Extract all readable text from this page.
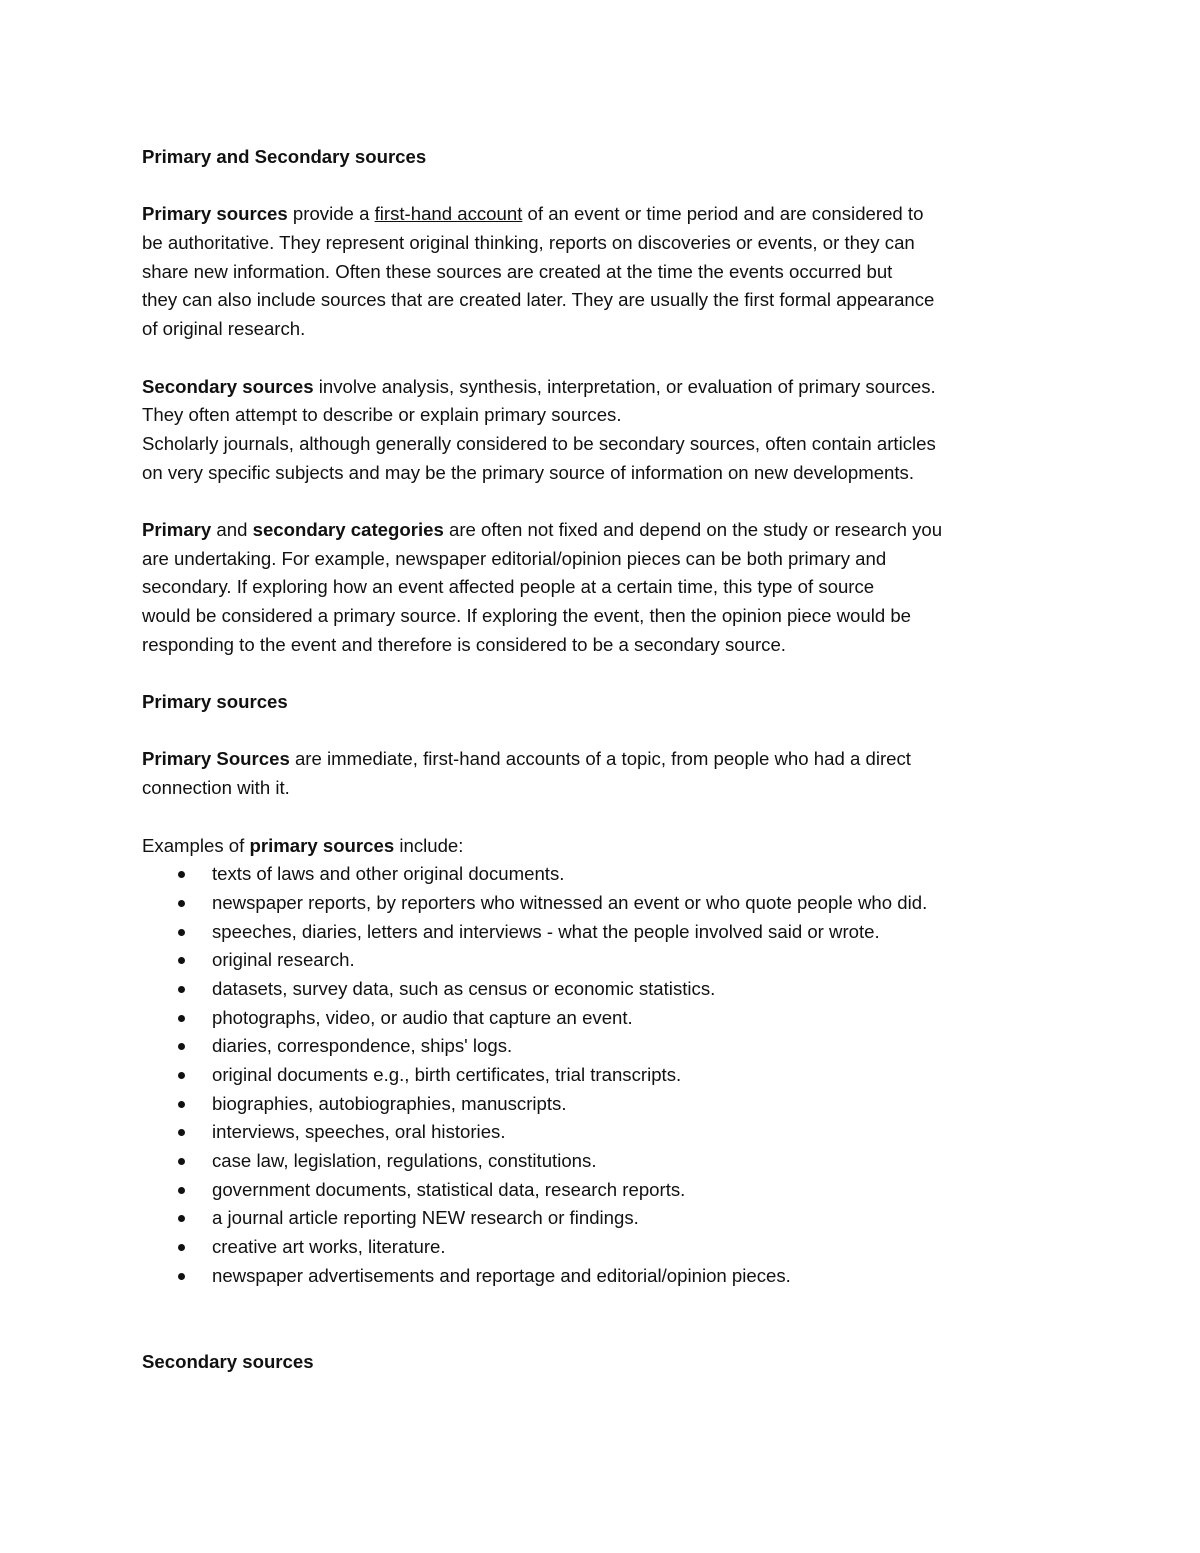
Primary and Secondary sources
Primary sources provide a first-hand account of an event or time period and are considered to
be authoritative. They represent original thinking, reports on discoveries or events, or they can
share new information. Often these sources are created at the time the events occurred but
they can also include sources that are created later. They are usually the first formal appearance
of original research.
Secondary sources involve analysis, synthesis, interpretation, or evaluation of primary sources.
They often attempt to describe or explain primary sources.
Scholarly journals, although generally considered to be secondary sources, often contain articles
on very specific subjects and may be the primary source of information on new developments.
Primary and secondary categories are often not fixed and depend on the study or research you
are undertaking. For example, newspaper editorial/opinion pieces can be both primary and
secondary. If exploring how an event affected people at a certain time, this type of source
would be considered a primary source. If exploring the event, then the opinion piece would be
responding to the event and therefore is considered to be a secondary source.
Primary sources
Primary Sources are immediate, first-hand accounts of a topic, from people who had a direct
connection with it.
Examples of primary sources include:
texts of laws and other original documents.
newspaper reports, by reporters who witnessed an event or who quote people who did.
speeches, diaries, letters and interviews - what the people involved said or wrote.
original research.
datasets, survey data, such as census or economic statistics.
photographs, video, or audio that capture an event.
diaries, correspondence, ships' logs.
original documents e.g., birth certificates, trial transcripts.
biographies, autobiographies, manuscripts.
interviews, speeches, oral histories.
case law, legislation, regulations, constitutions.
government documents, statistical data, research reports.
a journal article reporting NEW research or findings.
creative art works, literature.
newspaper advertisements and reportage and editorial/opinion pieces.
Secondary sources
